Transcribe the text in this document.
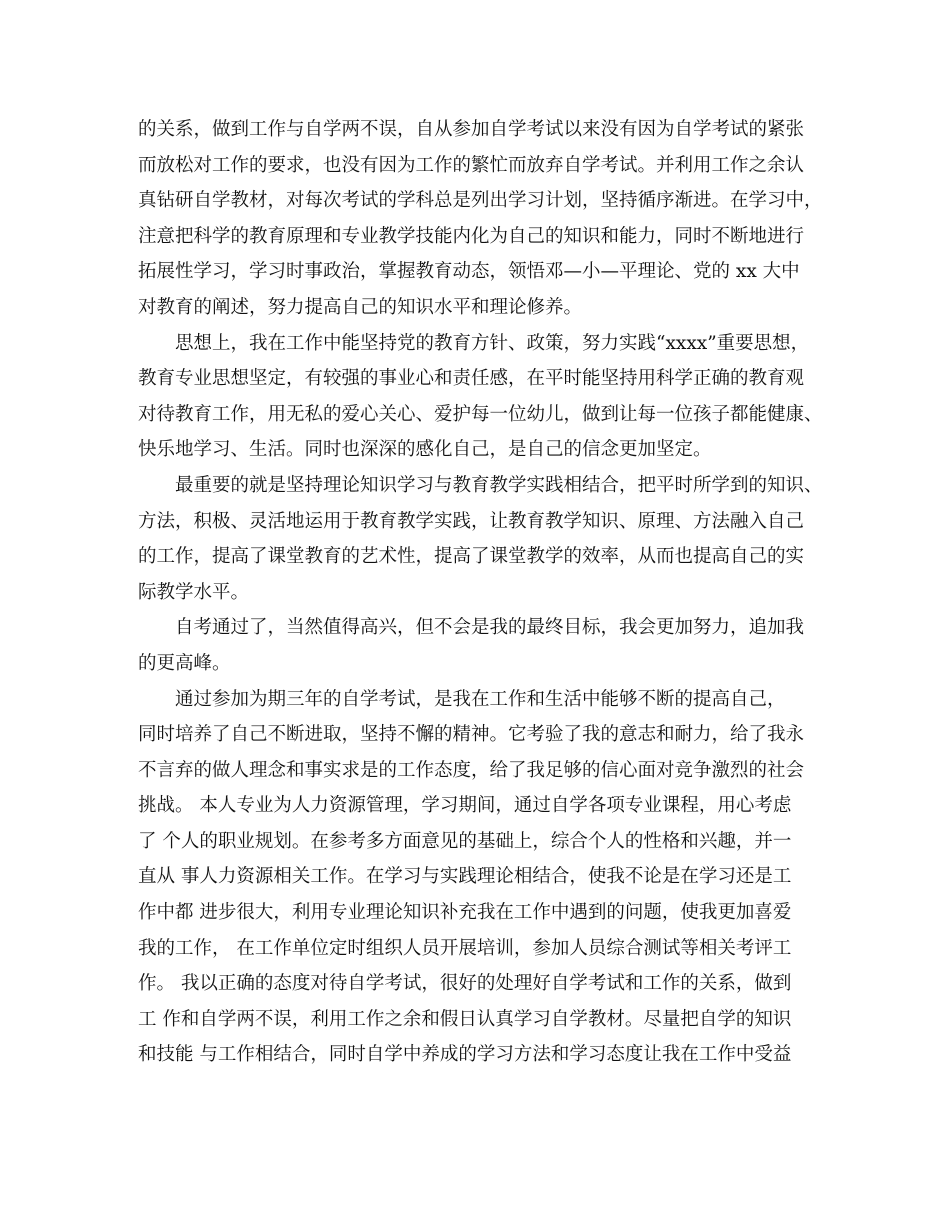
的关系，做到工作与自学两不误，自从参加自学考试以来没有因为自学考试的紧张

而放松对工作的要求，也没有因为工作的繁忙而放弃自学考试。并利用工作之余认

真钻研自学教材，对每次考试的学科总是列出学习计划，坚持循序渐进。在学习中，

注意把科学的教育原理和专业教学技能内化为自己的知识和能力，同时不断地进行

拓展性学习，学习时事政治，掌握教育动态，领悟邓—小—平理论、党的 xx 大中

对教育的阐述，努力提高自己的知识水平和理论修养。

思想上，我在工作中能坚持党的教育方针、政策，努力实践“xxxx”重要思想，

教育专业思想坚定，有较强的事业心和责任感，在平时能坚持用科学正确的教育观

对待教育工作，用无私的爱心关心、爱护每一位幼儿，做到让每一位孩子都能健康、

快乐地学习、生活。同时也深深的感化自己，是自己的信念更加坚定。

最重要的就是坚持理论知识学习与教育教学实践相结合，把平时所学到的知识、

方法，积极、灵活地运用于教育教学实践，让教育教学知识、原理、方法融入自己

的工作，提高了课堂教育的艺术性，提高了课堂教学的效率，从而也提高自己的实

际教学水平。

自考通过了，当然值得高兴，但不会是我的最终目标，我会更加努力，追加我

的更高峰。

通过参加为期三年的自学考试，是我在工作和生活中能够不断的提高自己，

同时培养了自己不断进取，坚持不懈的精神。它考验了我的意志和耐力，给了我永

不言弃的做人理念和事实求是的工作态度，给了我足够的信心面对竞争激烈的社会

挑战。 本人专业为人力资源管理，学习期间，通过自学各项专业课程，用心考虑

了 个人的职业规划。在参考多方面意见的基础上，综合个人的性格和兴趣，并一

直从 事人力资源相关工作。在学习与实践理论相结合，使我不论是在学习还是工

作中都 进步很大，利用专业理论知识补充我在工作中遇到的问题，使我更加喜爱

我的工作， 在工作单位定时组织人员开展培训，参加人员综合测试等相关考评工

作。 我以正确的态度对待自学考试，很好的处理好自学考试和工作的关系，做到

工 作和自学两不误，利用工作之余和假日认真学习自学教材。尽量把自学的知识

和技能 与工作相结合，同时自学中养成的学习方法和学习态度让我在工作中受益
